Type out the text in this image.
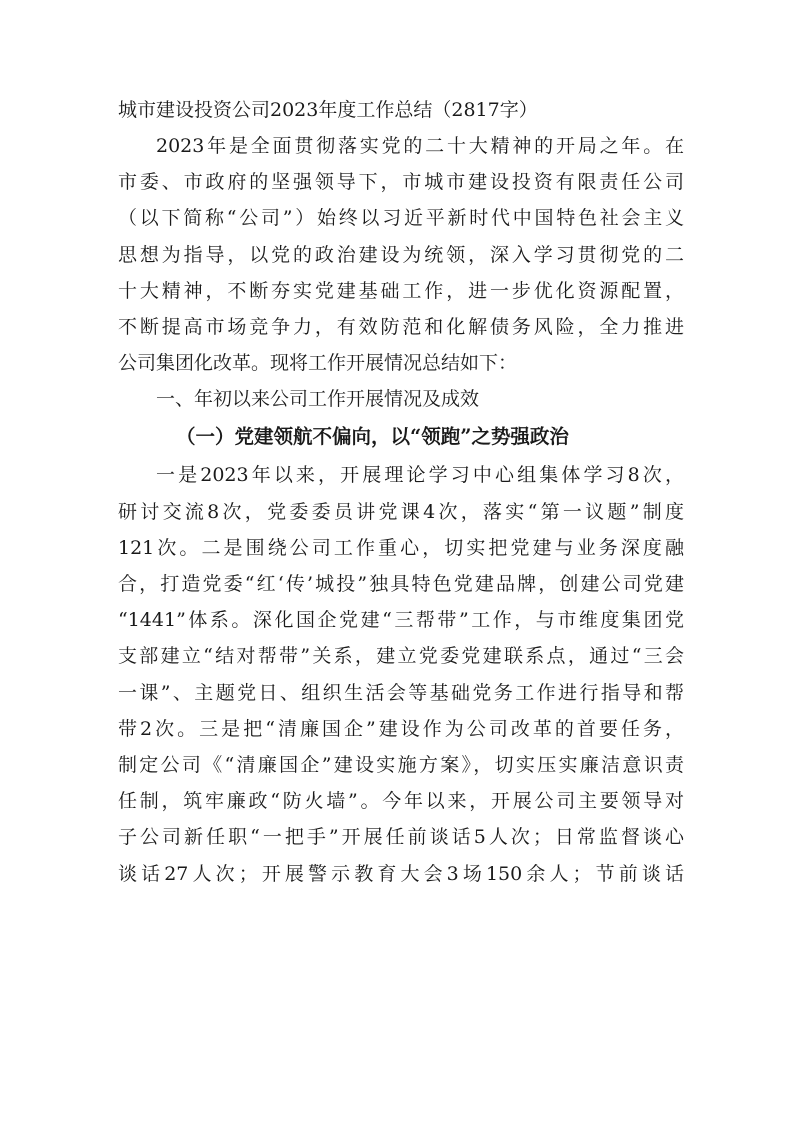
城市建设投资公司2023年度工作总结（2817字）

2023年是全面贯彻落实党的二十大精神的开局之年。在
市委、市政府的坚强领导下，市城市建设投资有限责任公司
（以下简称“公司”）始终以习近平新时代中国特色社会主义
思想为指导，以党的政治建设为统领，深入学习贯彻党的二
十大精神，不断夯实党建基础工作，进一步优化资源配置，
不断提高市场竞争力，有效防范和化解债务风险，全力推进
公司集团化改革。现将工作开展情况总结如下：

一、年初以来公司工作开展情况及成效

（一）党建领航不偏向，以“领跑”之势强政治

一是2023年以来，开展理论学习中心组集体学习8次，
研讨交流8次，党委委员讲党课4次，落实“第一议题”制度
121次。二是围绕公司工作重心，切实把党建与业务深度融
合，打造党委“红‘传’城投”独具特色党建品牌，创建公司党建
“1441”体系。深化国企党建“三帮带”工作，与市维度集团党
支部建立“结对帮带”关系，建立党委党建联系点，通过“三会
一课”、主题党日、组织生活会等基础党务工作进行指导和帮
带2次。三是把“清廉国企”建设作为公司改革的首要任务，
制定公司《“清廉国企”建设实施方案》，切实压实廉洁意识责
任制，筑牢廉政“防火墙”。今年以来，开展公司主要领导对
子公司新任职“一把手”开展任前谈话5人次；日常监督谈心
谈话27人次；开展警示教育大会3场150余人；节前谈话
